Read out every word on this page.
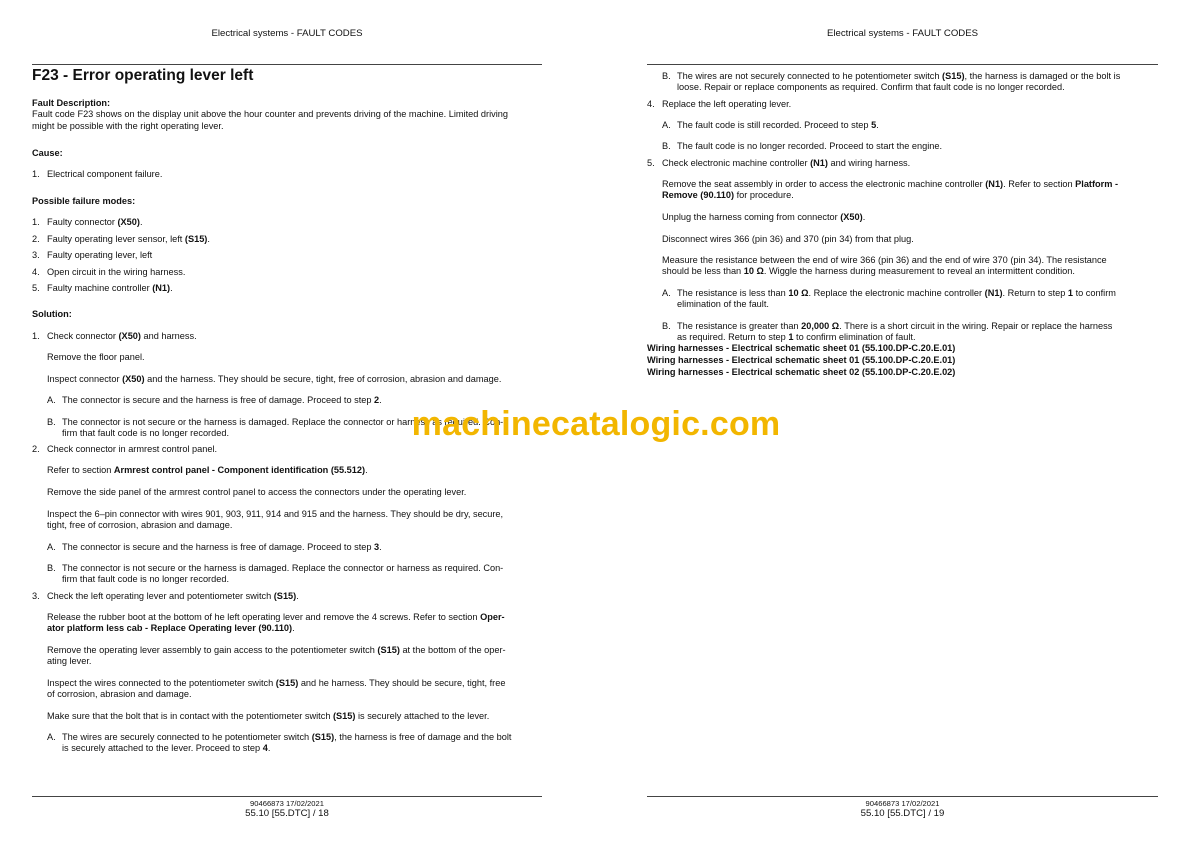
Electrical systems - FAULT CODES
F23 - Error operating lever left
Fault Description:
Fault code F23 shows on the display unit above the hour counter and prevents driving of the machine. Limited driving
might be possible with the right operating lever.
Cause:
1. Electrical component failure.
Possible failure modes:
1. Faulty connector (X50).
2. Faulty operating lever sensor, left (S15).
3. Faulty operating lever, left
4. Open circuit in the wiring harness.
5. Faulty machine controller (N1).
Solution:
1. Check connector (X50) and harness.
Remove the floor panel.
Inspect connector (X50) and the harness. They should be secure, tight, free of corrosion, abrasion and damage.
A. The connector is secure and the harness is free of damage. Proceed to step 2.
B. The connector is not secure or the harness is damaged. Replace the connector or harness as required. Con-
firm that fault code is no longer recorded.
2. Check connector in armrest control panel.
Refer to section Armrest control panel - Component identification (55.512).
Remove the side panel of the armrest control panel to access the connectors under the operating lever.
Inspect the 6–pin connector with wires 901, 903, 911, 914 and 915 and the harness. They should be dry, secure,
tight, free of corrosion, abrasion and damage.
A. The connector is secure and the harness is free of damage. Proceed to step 3.
B. The connector is not secure or the harness is damaged. Replace the connector or harness as required. Con-
firm that fault code is no longer recorded.
3. Check the left operating lever and potentiometer switch (S15).
Release the rubber boot at the bottom of he left operating lever and remove the 4 screws. Refer to section Oper-
ator platform less cab - Replace Operating lever (90.110).
Remove the operating lever assembly to gain access to the potentiometer switch (S15) at the bottom of the oper-
ating lever.
Inspect the wires connected to the potentiometer switch (S15) and he harness. They should be secure, tight, free
of corrosion, abrasion and damage.
Make sure that the bolt that is in contact with the potentiometer switch (S15) is securely attached to the lever.
A. The wires are securely connected to he potentiometer switch (S15), the harness is free of damage and the bolt
is securely attached to the lever. Proceed to step 4.
90466873 17/02/2021
55.10 [55.DTC] / 18
Electrical systems - FAULT CODES
B. The wires are not securely connected to he potentiometer switch (S15), the harness is damaged or the bolt is
loose. Repair or replace components as required. Confirm that fault code is no longer recorded.
4. Replace the left operating lever.
A. The fault code is still recorded. Proceed to step 5.
B. The fault code is no longer recorded. Proceed to start the engine.
5. Check electronic machine controller (N1) and wiring harness.
Remove the seat assembly in order to access the electronic machine controller (N1). Refer to section Platform -
Remove (90.110) for procedure.
Unplug the harness coming from connector (X50).
Disconnect wires 366 (pin 36) and 370 (pin 34) from that plug.
Measure the resistance between the end of wire 366 (pin 36) and the end of wire 370 (pin 34). The resistance
should be less than 10 Ω. Wiggle the harness during measurement to reveal an intermittent condition.
A. The resistance is less than 10 Ω. Replace the electronic machine controller (N1). Return to step 1 to confirm
elimination of the fault.
B. The resistance is greater than 20,000 Ω. There is a short circuit in the wiring. Repair or replace the harness
as required. Return to step 1 to confirm elimination of fault.
Wiring harnesses - Electrical schematic sheet 01 (55.100.DP-C.20.E.01)
Wiring harnesses - Electrical schematic sheet 01 (55.100.DP-C.20.E.01)
Wiring harnesses - Electrical schematic sheet 02 (55.100.DP-C.20.E.02)
90466873 17/02/2021
55.10 [55.DTC] / 19
machinecatalogic.com
